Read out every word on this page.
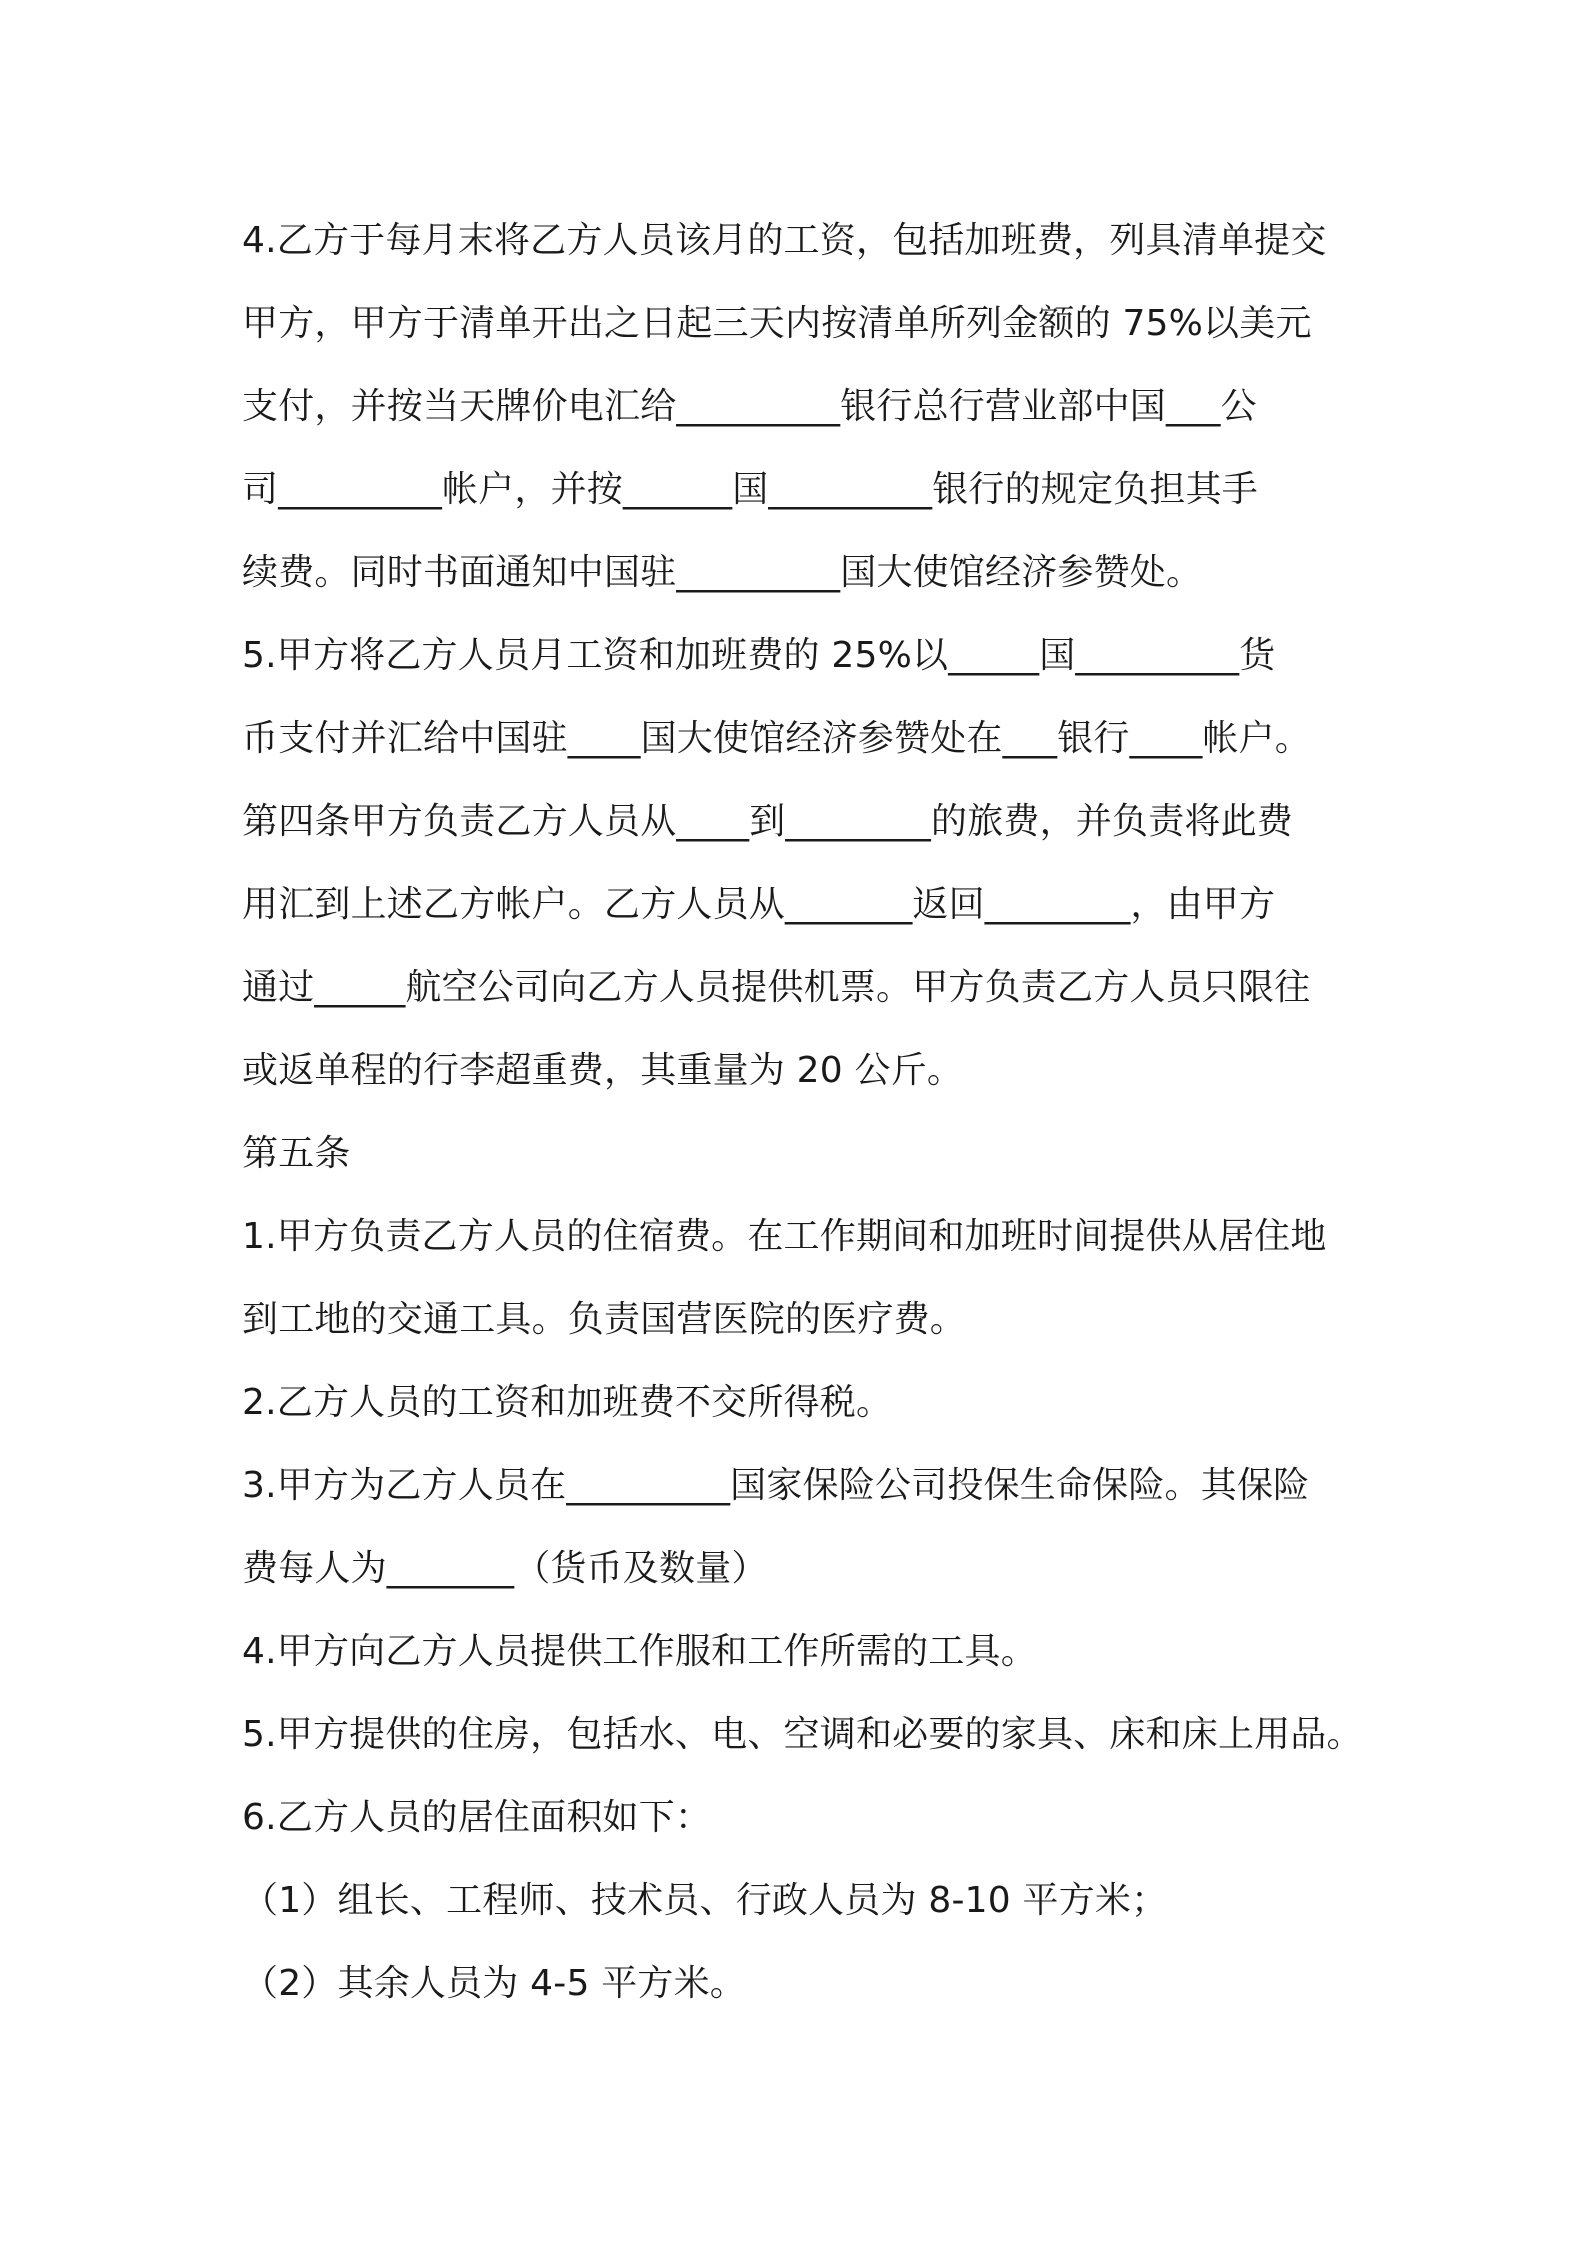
4.乙方于每月末将乙方人员该月的工资，包括加班费，列具清单提交
甲方，甲方于清单开出之日起三天内按清单所列金额的 75%以美元
支付，并按当天牌价电汇给_________银行总行营业部中国___公
司_________帐户，并按______国_________银行的规定负担其手
续费。同时书面通知中国驻_________国大使馆经济参赞处。
5.甲方将乙方人员月工资和加班费的 25%以_____国_________货
币支付并汇给中国驻____国大使馆经济参赞处在___银行____帐户。
第四条甲方负责乙方人员从____到________的旅费，并负责将此费
用汇到上述乙方帐户。乙方人员从_______返回________，由甲方
通过_____航空公司向乙方人员提供机票。甲方负责乙方人员只限往
或返单程的行李超重费，其重量为 20 公斤。
第五条
1.甲方负责乙方人员的住宿费。在工作期间和加班时间提供从居住地
到工地的交通工具。负责国营医院的医疗费。
2.乙方人员的工资和加班费不交所得税。
3.甲方为乙方人员在_________国家保险公司投保生命保险。其保险
费每人为_______（货币及数量）
4.甲方向乙方人员提供工作服和工作所需的工具。
5.甲方提供的住房，包括水、电、空调和必要的家具、床和床上用品。
6.乙方人员的居住面积如下：
（1）组长、工程师、技术员、行政人员为 8-10 平方米；
（2）其余人员为 4-5 平方米。
